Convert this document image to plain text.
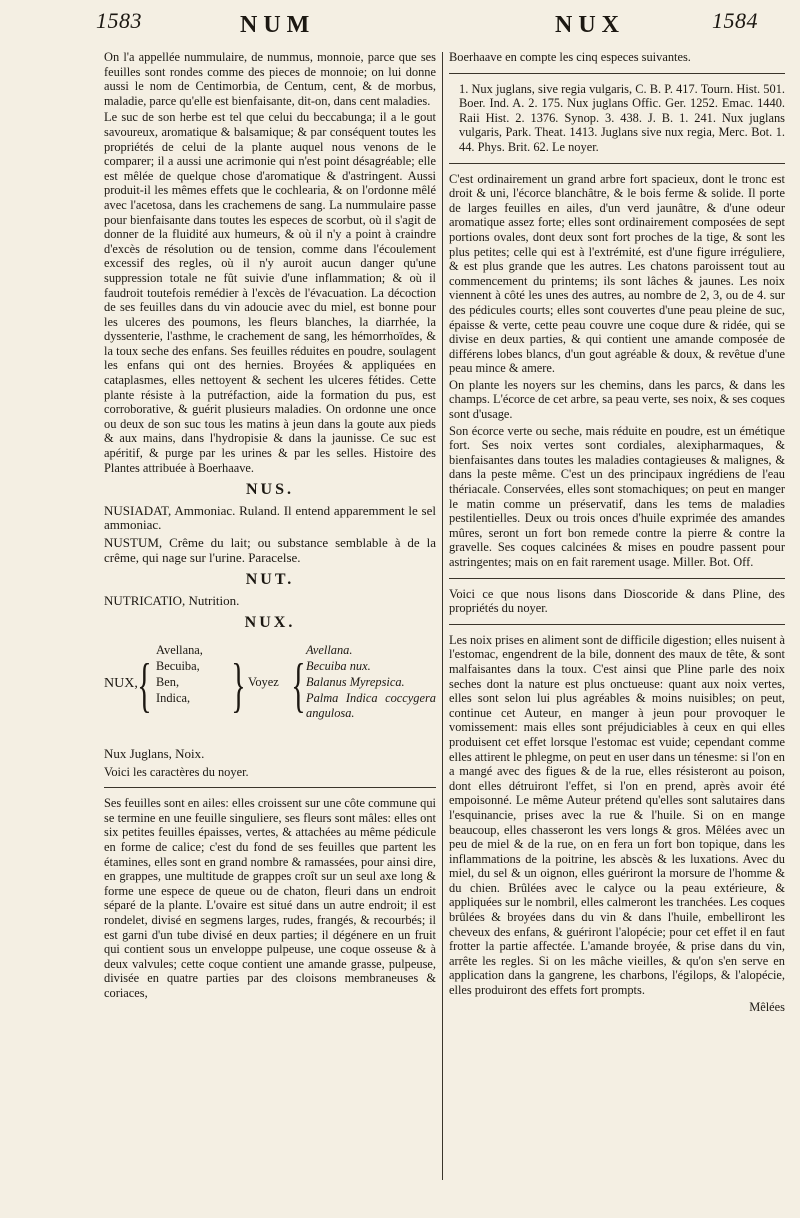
1583	NUM	NUX	1584

On l'a appellée nummulaire, de nummus, monnoie, parce que ses feuilles sont rondes comme des pieces de monnoie; on lui donne aussi le nom de Centimorbia, de Centum, cent, & de morbus, maladie, parce qu'elle est bienfaisante, dit-on, dans cent maladies.

Le suc de son herbe est tel que celui du beccabunga; il a le gout savoureux, aromatique & balsamique; & par conséquent toutes les propriétés de celui de la plante auquel nous venons de le comparer; il a aussi une acrimonie qui n'est point désagréable; elle est mêlée de quelque chose d'aromatique & d'astringent. Aussi produit-il les mêmes effets que le cochlearia, & on l'ordonne mêlé avec l'acetosa, dans les crachemens de sang. La nummulaire passe pour bienfaisante dans toutes les especes de scorbut, où il s'agit de donner de la fluidité aux humeurs, & où il n'y a point à craindre d'excès de résolution ou de tension, comme dans l'écoulement excessif des regles, où il n'y auroit aucun danger qu'une suppression totale ne fût suivie d'une inflammation; & où il faudroit toutefois remédier à l'excès de l'évacuation. La décoction de ses feuilles dans du vin adoucie avec du miel, est bonne pour les ulceres des poumons, les fleurs blanches, la diarrhée, la dyssenterie, l'asthme, le crachement de sang, les hémorrhoïdes, & la toux seche des enfans. Ses feuilles réduites en poudre, soulagent les enfans qui ont des hernies. Broyées & appliquées en cataplasmes, elles nettoyent & sechent les ulceres fétides. Cette plante résiste à la putréfaction, aide la formation du pus, est corroborative, & guérit plusieurs maladies. On ordonne une once ou deux de son suc tous les matins à jeun dans la goute aux pieds & aux mains, dans l'hydropisie & dans la jaunisse. Ce suc est apéritif, & purge par les urines & par les selles. Histoire des Plantes attribuée à Boerhaave.

NUS.

NUSIADAT, Ammoniac. Ruland. Il entend apparemment le sel ammoniac.

NUSTUM, Crême du lait; ou substance semblable à de la crême, qui nage sur l'urine. Paracelse.

NUT.

NUTRICATIO, Nutrition.

NUX.
NUX, {
Avellana,
Becuiba,
Ben,
Indica, } Voyez {
Avellana.
Becuiba nux.
Balanus Myrepsica.
Palma Indica coccygera angulosa.

Nux Juglans, Noix.

Voici les caractères du noyer.

Ses feuilles sont en ailes: elles croissent sur une côte commune qui se termine en une feuille singuliere, ses fleurs sont mâles: elles ont six petites feuilles épaisses, vertes, & attachées au même pédicule en forme de calice; c'est du fond de ses feuilles que partent les étamines, elles sont en grand nombre & ramassées, pour ainsi dire, en grappes, une multitude de grappes croît sur un seul axe long & forme une espece de queue ou de chaton, fleuri dans un endroit séparé de la plante. L'ovaire est situé dans un autre endroit; il est rondelet, divisé en segmens larges, rudes, frangés, & recourbés; il est garni d'un tube divisé en deux parties; il dégénere en un fruit qui contient sous un enveloppe pulpeuse, une coque osseuse & à deux valvules; cette coque contient une amande grasse, pulpeuse, divisée en quatre parties par des cloisons membraneuses & coriaces,

Boerhaave en compte les cinq especes suivantes.

1. Nux juglans, sive regia vulgaris, C. B. P. 417. Tourn. Hist. 501. Boer. Ind. A. 2. 175. Nux juglans Offic. Ger. 1252. Emac. 1440. Raii Hist. 2. 1376. Synop. 3. 438. J. B. 1. 241. Nux juglans vulgaris, Park. Theat. 1413. Juglans sive nux regia, Merc. Bot. 1. 44. Phys. Brit. 62. Le noyer.

C'est ordinairement un grand arbre fort spacieux, dont le tronc est droit & uni, l'écorce blanchâtre, & le bois ferme & solide. Il porte de larges feuilles en ailes, d'un verd jaunâtre, & d'une odeur aromatique assez forte; elles sont ordinairement composées de sept portions ovales, dont deux sont fort proches de la tige, & sont les plus petites; celle qui est à l'extrémité, est d'une figure irréguliere, & est plus grande que les autres. Les chatons paroissent tout au commencement du printems; ils sont lâches & jaunes. Les noix viennent à côté les unes des autres, au nombre de 2, 3, ou de 4. sur des pédicules courts; elles sont couvertes d'une peau pleine de suc, épaisse & verte, cette peau couvre une coque dure & ridée, qui se divise en deux parties, & qui contient une amande composée de différens lobes blancs, d'un gout agréable & doux, & revêtue d'une peau mince & amere.

On plante les noyers sur les chemins, dans les parcs, & dans les champs. L'écorce de cet arbre, sa peau verte, ses noix, & ses coques sont d'usage.

Son écorce verte ou seche, mais réduite en poudre, est un émétique fort. Ses noix vertes sont cordiales, alexipharmaques, & bienfaisantes dans toutes les maladies contagieuses & malignes, & dans la peste même. C'est un des principaux ingrédiens de l'eau thériacale. Conservées, elles sont stomachiques; on peut en manger le matin comme un préservatif, dans les tems de maladies pestilentielles. Deux ou trois onces d'huile exprimée des amandes mûres, seront un fort bon remede contre la pierre & contre la gravelle. Ses coques calcinées & mises en poudre passent pour astringentes; mais on en fait rarement usage. Miller. Bot. Off.

Voici ce que nous lisons dans Dioscoride & dans Pline, des propriétés du noyer.

Les noix prises en aliment sont de difficile digestion; elles nuisent à l'estomac, engendrent de la bile, donnent des maux de tête, & sont malfaisantes dans la toux. C'est ainsi que Pline parle des noix seches dont la nature est plus onctueuse: quant aux noix vertes, elles sont selon lui plus agréables & moins nuisibles; on peut, continue cet Auteur, en manger à jeun pour provoquer le vomissement: mais elles sont préjudiciables à ceux en qui elles produisent cet effet lorsque l'estomac est vuide; cependant comme elles attirent le phlegme, on peut en user dans un ténesme: si l'on en a mangé avec des figues & de la rue, elles résisteront au poison, dont elles détruiront l'effet, si l'on en prend, après avoir été empoisonné. Le même Auteur prétend qu'elles sont salutaires dans l'esquinancie, prises avec la rue & l'huile. Si on en mange beaucoup, elles chasseront les vers longs & gros. Mêlées avec un peu de miel & de la rue, on en fera un fort bon topique, dans les inflammations de la poitrine, les abscès & les luxations. Avec du miel, du sel & un oignon, elles guériront la morsure de l'homme & du chien. Brûlées avec le calyce ou la peau extérieure, & appliquées sur le nombril, elles calmeront les tranchées. Les coques brûlées & broyées dans du vin & dans l'huile, embelliront les cheveux des enfans, & guériront l'alopécie; pour cet effet il en faut frotter la partie affectée. L'amande broyée, & prise dans du vin, arrête les regles. Si on les mâche vieilles, & qu'on s'en serve en application dans la gangrene, les charbons, l'égilops, & l'alopécie, elles produiront des effets fort prompts.

Mêlées
